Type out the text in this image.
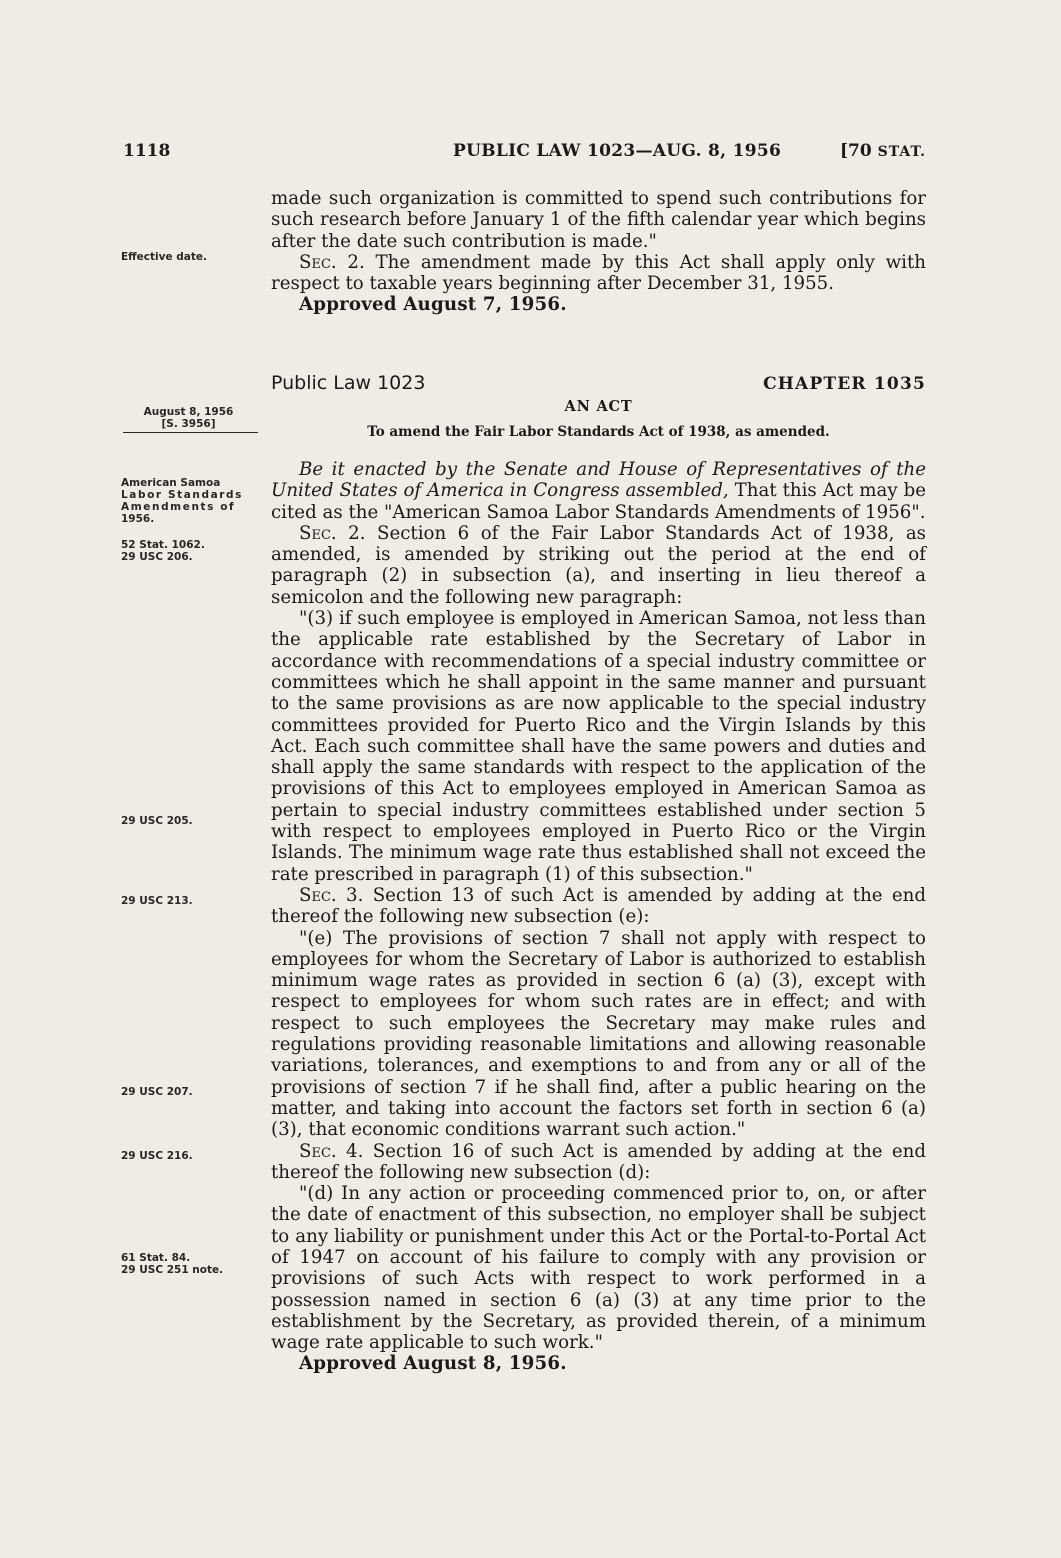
1118	PUBLIC LAW 1023—AUG. 8, 1956	[70 STAT.

made such organization is committed to spend such contributions for such research before January 1 of the fifth calendar year which begins after the date such contribution is made."

Sec. 2. The amendment made by this Act shall apply only with respect to taxable years beginning after December 31, 1955.

Approved August 7, 1956.

Public Law 1023	CHAPTER 1035
AN ACT
To amend the Fair Labor Standards Act of 1938, as amended.

Be it enacted by the Senate and House of Representatives of the United States of America in Congress assembled, That this Act may be cited as the "American Samoa Labor Standards Amendments of 1956".

Sec. 2. Section 6 of the Fair Labor Standards Act of 1938, as amended, is amended by striking out the period at the end of paragraph (2) in subsection (a), and inserting in lieu thereof a semicolon and the following new paragraph:

"(3) if such employee is employed in American Samoa, not less than the applicable rate established by the Secretary of Labor in accordance with recommendations of a special industry committee or committees which he shall appoint in the same manner and pursuant to the same provisions as are now applicable to the special industry committees provided for Puerto Rico and the Virgin Islands by this Act. Each such committee shall have the same powers and duties and shall apply the same standards with respect to the application of the provisions of this Act to employees employed in American Samoa as pertain to special industry committees established under section 5 with respect to employees employed in Puerto Rico or the Virgin Islands. The minimum wage rate thus established shall not exceed the rate prescribed in paragraph (1) of this subsection."

Sec. 3. Section 13 of such Act is amended by adding at the end thereof the following new subsection (e):

"(e) The provisions of section 7 shall not apply with respect to employees for whom the Secretary of Labor is authorized to establish minimum wage rates as provided in section 6 (a) (3), except with respect to employees for whom such rates are in effect; and with respect to such employees the Secretary may make rules and regulations providing reasonable limitations and allowing reasonable variations, tolerances, and exemptions to and from any or all of the provisions of section 7 if he shall find, after a public hearing on the matter, and taking into account the factors set forth in section 6 (a) (3), that economic conditions warrant such action."

Sec. 4. Section 16 of such Act is amended by adding at the end thereof the following new subsection (d):

"(d) In any action or proceeding commenced prior to, on, or after the date of enactment of this subsection, no employer shall be subject to any liability or punishment under this Act or the Portal-to-Portal Act of 1947 on account of his failure to comply with any provision or provisions of such Acts with respect to work performed in a possession named in section 6 (a) (3) at any time prior to the establishment by the Secretary, as provided therein, of a minimum wage rate applicable to such work."

Approved August 8, 1956.

Effective date.
August 8, 1956
[S. 3956]
American Samoa
Labor Standards
Amendments of
1956.
52 Stat. 1062.
29 USC 206.
29 USC 205.
29 USC 213.
29 USC 207.
29 USC 216.
61 Stat. 84.
29 USC 251 note.
